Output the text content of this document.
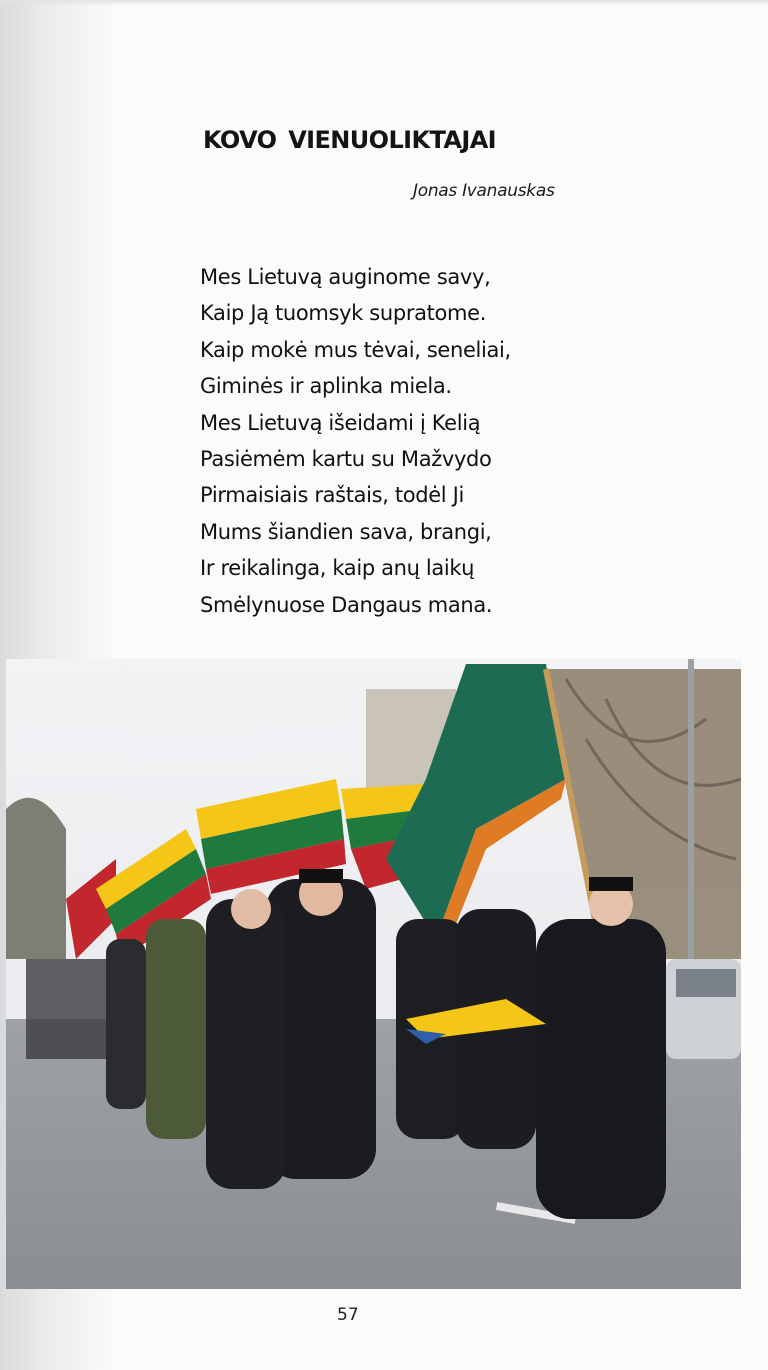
KOVO VIENUOLIKTAJAI
Jonas Ivanauskas
Mes Lietuvą auginome savy,
Kaip Ją tuomsyk supratome.
Kaip mokė mus tėvai, seneliai,
Giminės ir aplinka miela.
Mes Lietuvą išeidami į Kelią
Pasiėmėm kartu su Mažvydo
Pirmaisiais raštais, todėl Ji
Mums šiandien sava, brangi,
Ir reikalinga, kaip anų laikų
Smėlynuose Dangaus mana.
57
